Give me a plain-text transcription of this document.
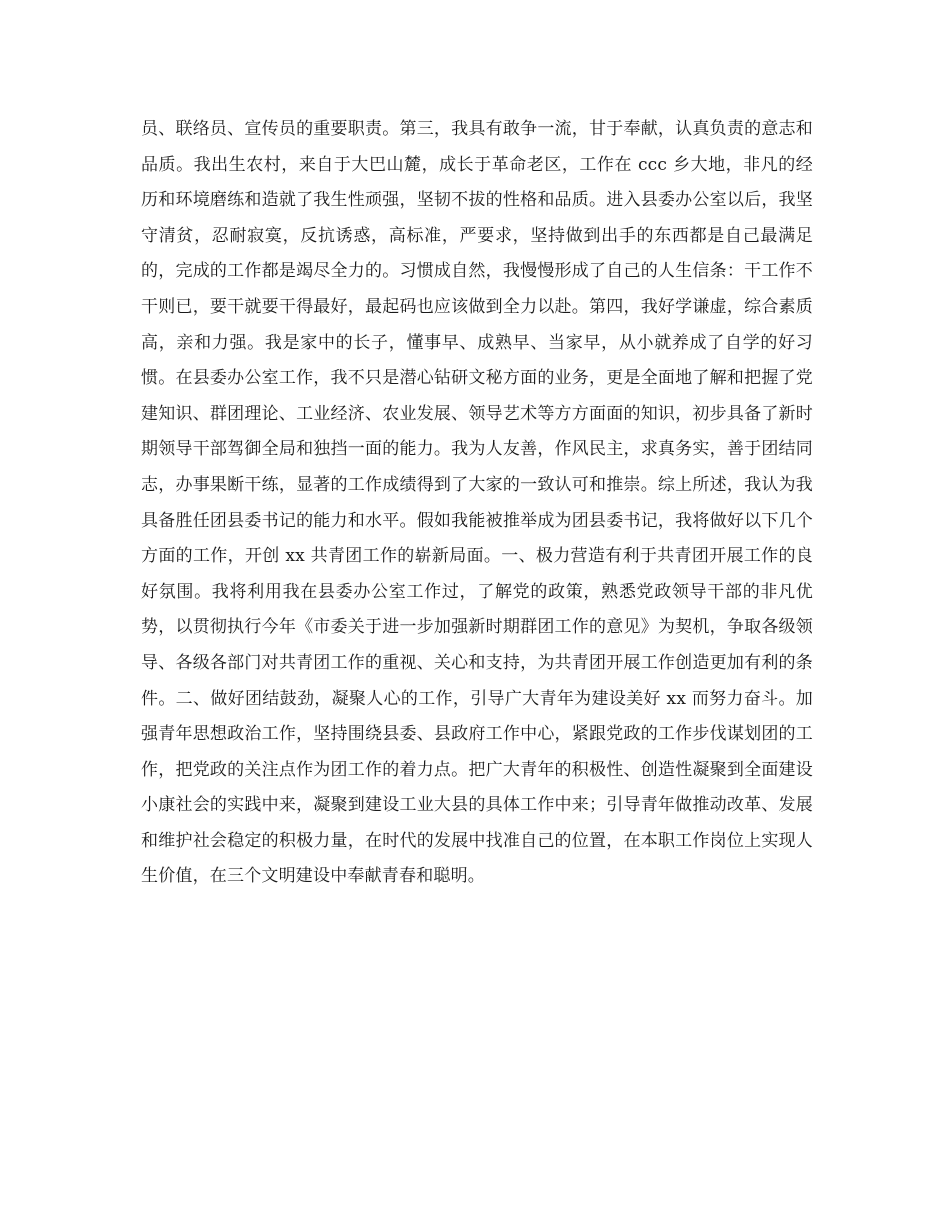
员、联络员、宣传员的重要职责。第三，我具有敢争一流，甘于奉献，认真负责的意志和品质。我出生农村，来自于大巴山麓，成长于革命老区，工作在 ccc 乡大地，非凡的经历和环境磨练和造就了我生性顽强，坚韧不拔的性格和品质。进入县委办公室以后，我坚守清贫，忍耐寂寞，反抗诱惑，高标准，严要求，坚持做到出手的东西都是自己最满足的，完成的工作都是竭尽全力的。习惯成自然，我慢慢形成了自己的人生信条：干工作不干则已，要干就要干得最好，最起码也应该做到全力以赴。第四，我好学谦虚，综合素质高，亲和力强。我是家中的长子，懂事早、成熟早、当家早，从小就养成了自学的好习惯。在县委办公室工作，我不只是潜心钻研文秘方面的业务，更是全面地了解和把握了党建知识、群团理论、工业经济、农业发展、领导艺术等方方面面的知识，初步具备了新时期领导干部驾御全局和独挡一面的能力。我为人友善，作风民主，求真务实，善于团结同志，办事果断干练，显著的工作成绩得到了大家的一致认可和推崇。综上所述，我认为我具备胜任团县委书记的能力和水平。假如我能被推举成为团县委书记，我将做好以下几个方面的工作，开创 xx 共青团工作的崭新局面。一、极力营造有利于共青团开展工作的良好氛围。我将利用我在县委办公室工作过，了解党的政策，熟悉党政领导干部的非凡优势，以贯彻执行今年《市委关于进一步加强新时期群团工作的意见》为契机，争取各级领导、各级各部门对共青团工作的重视、关心和支持，为共青团开展工作创造更加有利的条件。二、做好团结鼓劲，凝聚人心的工作，引导广大青年为建设美好 xx 而努力奋斗。加强青年思想政治工作，坚持围绕县委、县政府工作中心，紧跟党政的工作步伐谋划团的工作，把党政的关注点作为团工作的着力点。把广大青年的积极性、创造性凝聚到全面建设小康社会的实践中来，凝聚到建设工业大县的具体工作中来；引导青年做推动改革、发展和维护社会稳定的积极力量，在时代的发展中找准自己的位置，在本职工作岗位上实现人生价值，在三个文明建设中奉献青春和聪明。
